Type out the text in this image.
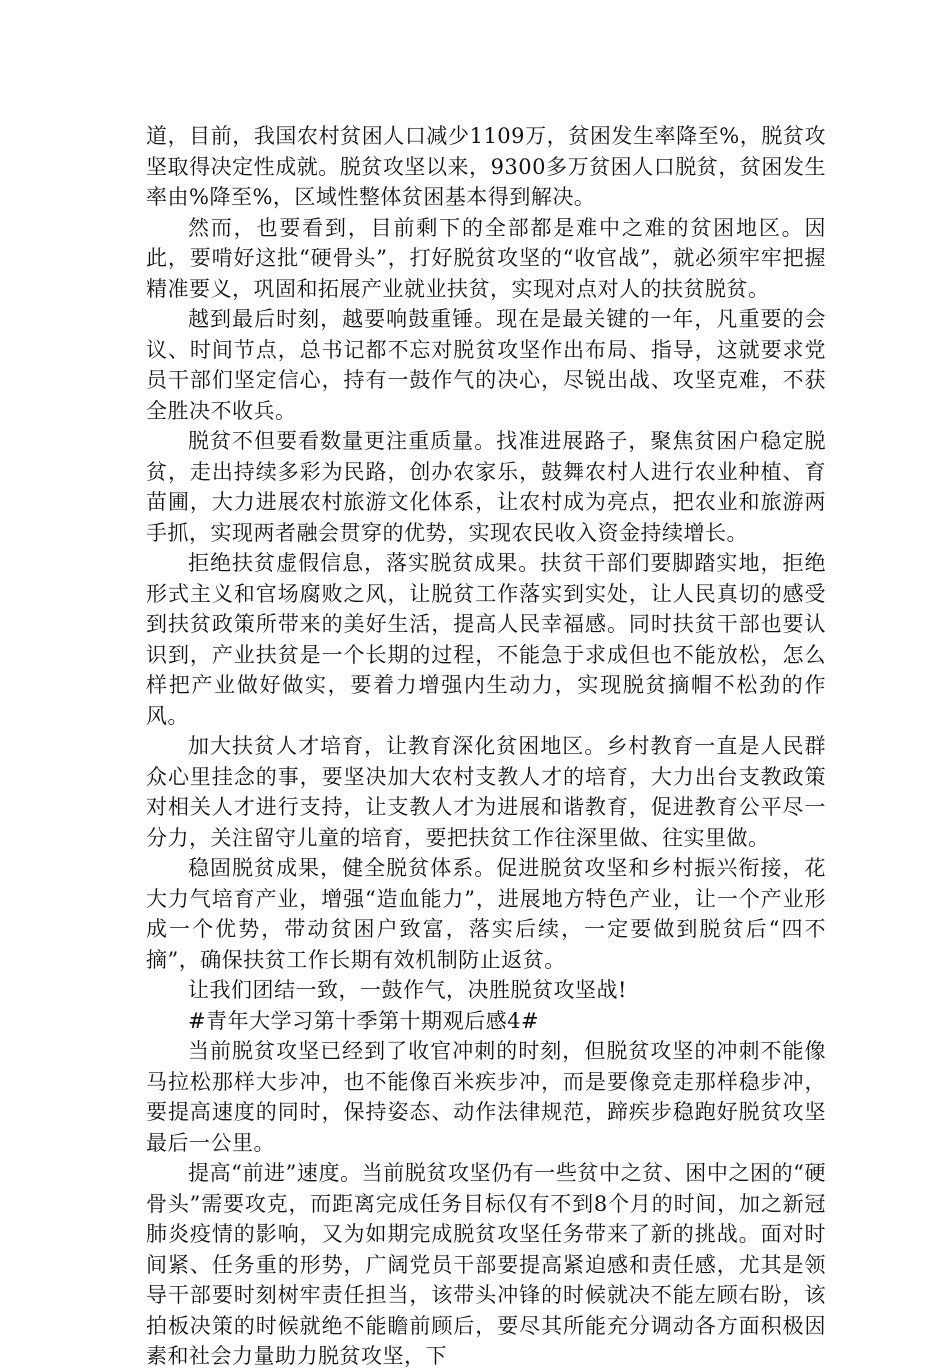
道，目前，我国农村贫困人口减少1109万，贫困发生率降至%，脱贫攻坚取得决定性成就。脱贫攻坚以来，9300多万贫困人口脱贫，贫困发生率由%降至%，区域性整体贫困基本得到解决。

然而，也要看到，目前剩下的全部都是难中之难的贫困地区。因此，要啃好这批“硬骨头”，打好脱贫攻坚的“收官战”，就必须牢牢把握精准要义，巩固和拓展产业就业扶贫，实现对点对人的扶贫脱贫。

越到最后时刻，越要响鼓重锤。现在是最关键的一年，凡重要的会议、时间节点，总书记都不忘对脱贫攻坚作出布局、指导，这就要求党员干部们坚定信心，持有一鼓作气的决心，尽锐出战、攻坚克难，不获全胜决不收兵。

脱贫不但要看数量更注重质量。找准进展路子，聚焦贫困户稳定脱贫，走出持续多彩为民路，创办农家乐，鼓舞农村人进行农业种植、育苗圃，大力进展农村旅游文化体系，让农村成为亮点，把农业和旅游两手抓，实现两者融会贯穿的优势，实现农民收入资金持续增长。

拒绝扶贫虚假信息，落实脱贫成果。扶贫干部们要脚踏实地，拒绝形式主义和官场腐败之风，让脱贫工作落实到实处，让人民真切的感受到扶贫政策所带来的美好生活，提高人民幸福感。同时扶贫干部也要认识到，产业扶贫是一个长期的过程，不能急于求成但也不能放松，怎么样把产业做好做实，要着力增强内生动力，实现脱贫摘帽不松劲的作风。

加大扶贫人才培育，让教育深化贫困地区。乡村教育一直是人民群众心里挂念的事，要坚决加大农村支教人才的培育，大力出台支教政策对相关人才进行支持，让支教人才为进展和谐教育，促进教育公平尽一分力，关注留守儿童的培育，要把扶贫工作往深里做、往实里做。

稳固脱贫成果，健全脱贫体系。促进脱贫攻坚和乡村振兴衔接，花大力气培育产业，增强“造血能力”，进展地方特色产业，让一个产业形成一个优势，带动贫困户致富，落实后续，一定要做到脱贫后“四不摘”，确保扶贫工作长期有效机制防止返贫。

让我们团结一致，一鼓作气，决胜脱贫攻坚战!

#青年大学习第十季第十期观后感4#

当前脱贫攻坚已经到了收官冲刺的时刻，但脱贫攻坚的冲刺不能像马拉松那样大步冲，也不能像百米疾步冲，而是要像竞走那样稳步冲，要提高速度的同时，保持姿态、动作法律规范，蹄疾步稳跑好脱贫攻坚最后一公里。

提高“前进”速度。当前脱贫攻坚仍有一些贫中之贫、困中之困的“硬骨头”需要攻克，而距离完成任务目标仅有不到8个月的时间，加之新冠肺炎疫情的影响，又为如期完成脱贫攻坚任务带来了新的挑战。面对时间紧、任务重的形势，广阔党员干部要提高紧迫感和责任感，尤其是领导干部要时刻树牢责任担当，该带头冲锋的时候就决不能左顾右盼，该拍板决策的时候就绝不能瞻前顾后，要尽其所能充分调动各方面积极因素和社会力量助力脱贫攻坚，下
